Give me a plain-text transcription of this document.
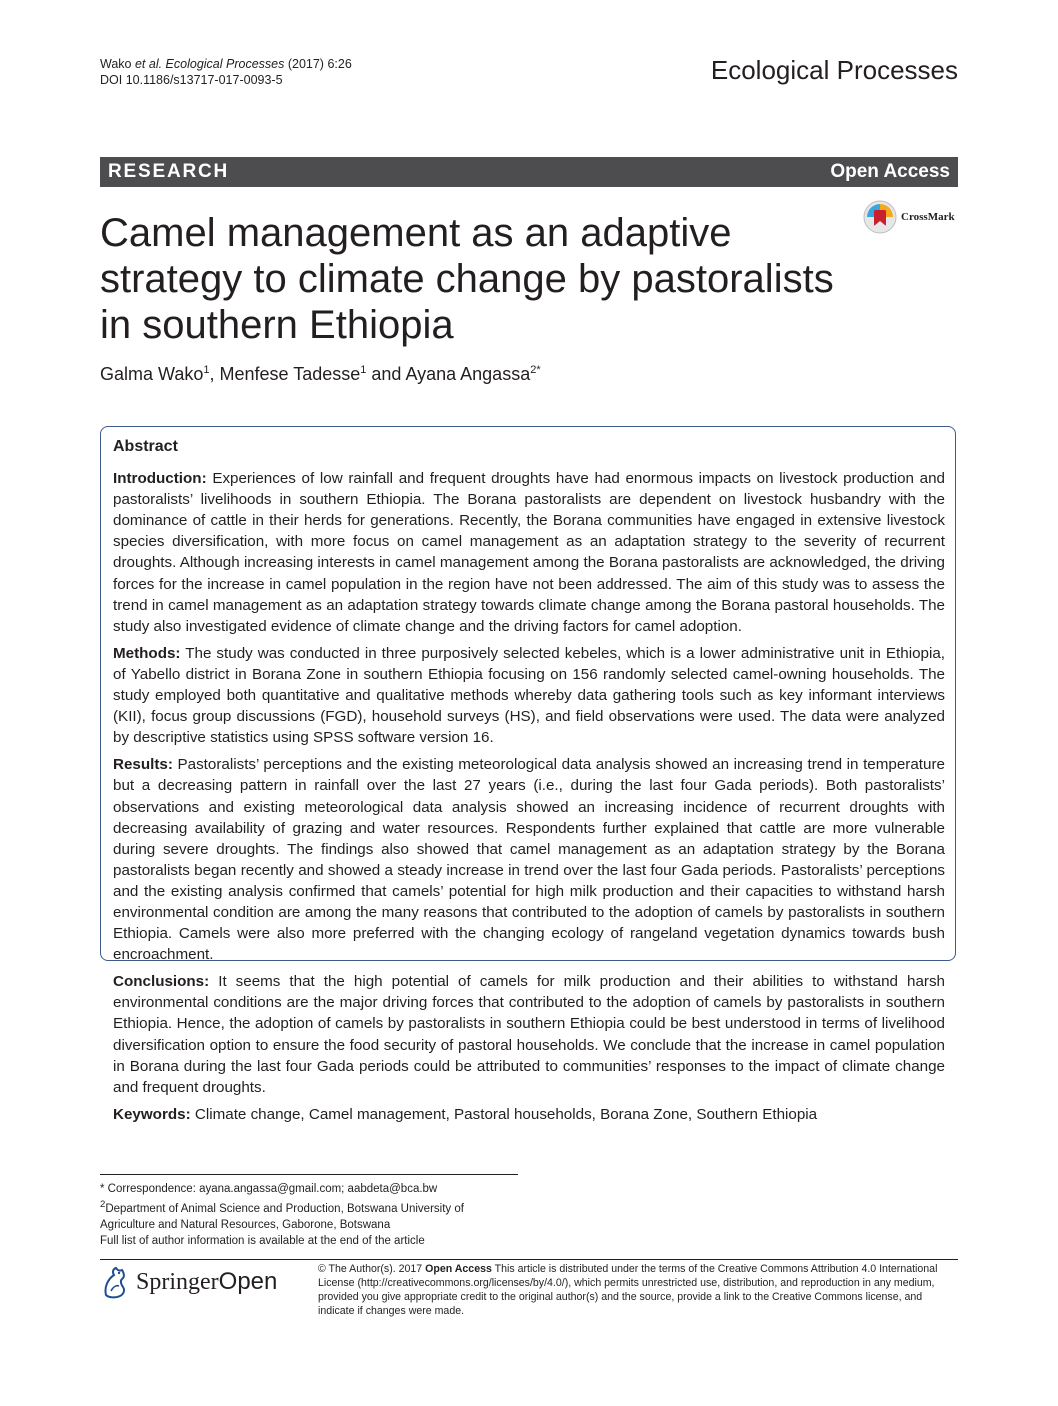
Wako et al. Ecological Processes (2017) 6:26
DOI 10.1186/s13717-017-0093-5	Ecological Processes
RESEARCH	Open Access
CrossMark
Camel management as an adaptive strategy to climate change by pastoralists in southern Ethiopia
Galma Wako$^1$, Menfese Tadesse$^1$ and Ayana Angassa$^{2*}$
Abstract

Introduction: Experiences of low rainfall and frequent droughts have had enormous impacts on livestock production and pastoralists’ livelihoods in southern Ethiopia. The Borana pastoralists are dependent on livestock husbandry with the dominance of cattle in their herds for generations. Recently, the Borana communities have engaged in extensive livestock species diversification, with more focus on camel management as an adaptation strategy to the severity of recurrent droughts. Although increasing interests in camel management among the Borana pastoralists are acknowledged, the driving forces for the increase in camel population in the region have not been addressed. The aim of this study was to assess the trend in camel management as an adaptation strategy towards climate change among the Borana pastoral households. The study also investigated evidence of climate change and the driving factors for camel adoption.

Methods: The study was conducted in three purposively selected kebeles, which is a lower administrative unit in Ethiopia, of Yabello district in Borana Zone in southern Ethiopia focusing on 156 randomly selected camel-owning households. The study employed both quantitative and qualitative methods whereby data gathering tools such as key informant interviews (KII), focus group discussions (FGD), household surveys (HS), and field observations were used. The data were analyzed by descriptive statistics using SPSS software version 16.

Results: Pastoralists’ perceptions and the existing meteorological data analysis showed an increasing trend in temperature but a decreasing pattern in rainfall over the last 27 years (i.e., during the last four Gada periods). Both pastoralists’ observations and existing meteorological data analysis showed an increasing incidence of recurrent droughts with decreasing availability of grazing and water resources. Respondents further explained that cattle are more vulnerable during severe droughts. The findings also showed that camel management as an adaptation strategy by the Borana pastoralists began recently and showed a steady increase in trend over the last four Gada periods. Pastoralists’ perceptions and the existing analysis confirmed that camels’ potential for high milk production and their capacities to withstand harsh environmental condition are among the many reasons that contributed to the adoption of camels by pastoralists in southern Ethiopia. Camels were also more preferred with the changing ecology of rangeland vegetation dynamics towards bush encroachment.

Conclusions: It seems that the high potential of camels for milk production and their abilities to withstand harsh environmental conditions are the major driving forces that contributed to the adoption of camels by pastoralists in southern Ethiopia. Hence, the adoption of camels by pastoralists in southern Ethiopia could be best understood in terms of livelihood diversification option to ensure the food security of pastoral households. We conclude that the increase in camel population in Borana during the last four Gada periods could be attributed to communities’ responses to the impact of climate change and frequent droughts.

Keywords: Climate change, Camel management, Pastoral households, Borana Zone, Southern Ethiopia

* Correspondence: ayana.angassa@gmail.com; aabdeta@bca.bw
$^2$Department of Animal Science and Production, Botswana University of Agriculture and Natural Resources, Gaborone, Botswana
Full list of author information is available at the end of the article
SpringerOpen	© The Author(s). 2017 Open Access This article is distributed under the terms of the Creative Commons Attribution 4.0 International License (http://creativecommons.org/licenses/by/4.0/), which permits unrestricted use, distribution, and reproduction in any medium, provided you give appropriate credit to the original author(s) and the source, provide a link to the Creative Commons license, and indicate if changes were made.
